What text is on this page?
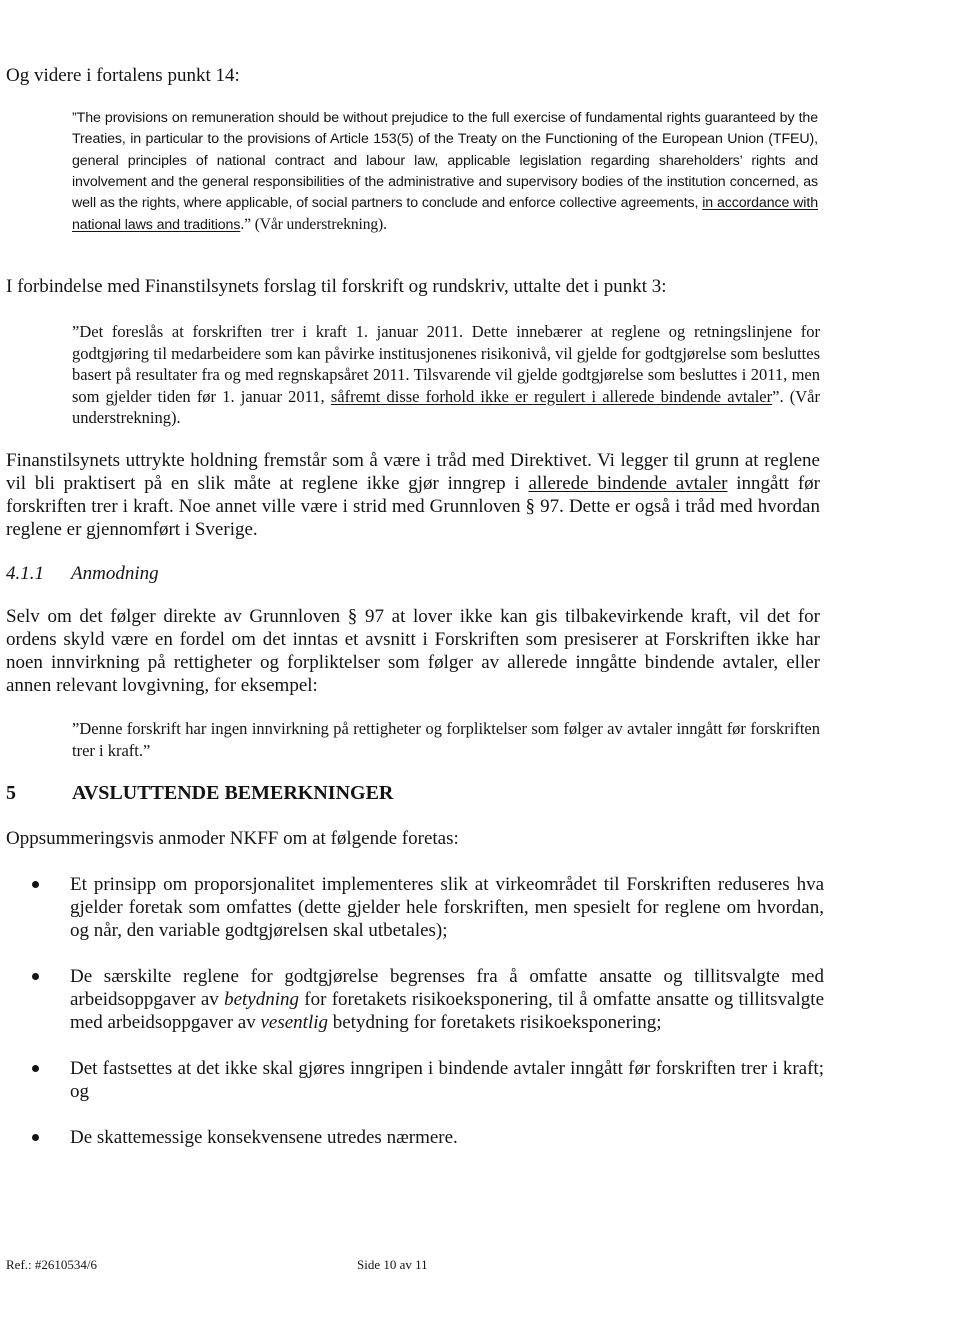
Og videre i fortalens punkt 14:

”The provisions on remuneration should be without prejudice to the full exercise of fundamental rights guaranteed by the Treaties, in particular to the provisions of Article 153(5) of the Treaty on the Functioning of the European Union (TFEU), general principles of national contract and labour law, applicable legislation regarding shareholders’ rights and involvement and the general responsibilities of the administrative and supervisory bodies of the institution concerned, as well as the rights, where applicable, of social partners to conclude and enforce collective agreements, in accordance with national laws and traditions.” (Vår understrekning).

I forbindelse med Finanstilsynets forslag til forskrift og rundskriv, uttalte det i punkt 3:

”Det foreslås at forskriften trer i kraft 1. januar 2011. Dette innebærer at reglene og retningslinjene for godtgjøring til medarbeidere som kan påvirke institusjonenes risikonivå, vil gjelde for godtgjørelse som besluttes basert på resultater fra og med regnskapsåret 2011. Tilsvarende vil gjelde godtgjørelse som besluttes i 2011, men som gjelder tiden før 1. januar 2011, såfremt disse forhold ikke er regulert i allerede bindende avtaler”. (Vår understrekning).

Finanstilsynets uttrykte holdning fremstår som å være i tråd med Direktivet. Vi legger til grunn at reglene vil bli praktisert på en slik måte at reglene ikke gjør inngrep i allerede bindende avtaler inngått før forskriften trer i kraft. Noe annet ville være i strid med Grunnloven § 97. Dette er også i tråd med hvordan reglene er gjennomført i Sverige.

4.1.1 Anmodning

Selv om det følger direkte av Grunnloven § 97 at lover ikke kan gis tilbakevirkende kraft, vil det for ordens skyld være en fordel om det inntas et avsnitt i Forskriften som presiserer at Forskriften ikke har noen innvirkning på rettigheter og forpliktelser som følger av allerede inngåtte bindende avtaler, eller annen relevant lovgivning, for eksempel:

”Denne forskrift har ingen innvirkning på rettigheter og forpliktelser som følger av avtaler inngått før forskriften trer i kraft.”

5	AVSLUTTENDE BEMERKNINGER

Oppsummeringsvis anmoder NKFF om at følgende foretas:

Et prinsipp om proporsjonalitet implementeres slik at virkeområdet til Forskriften reduseres hva gjelder foretak som omfattes (dette gjelder hele forskriften, men spesielt for reglene om hvordan, og når, den variable godtgjørelsen skal utbetales);
De særskilte reglene for godtgjørelse begrenses fra å omfatte ansatte og tillitsvalgte med arbeidsoppgaver av betydning for foretakets risikoeksponering, til å omfatte ansatte og tillitsvalgte med arbeidsoppgaver av vesentlig betydning for foretakets risikoeksponering;
Det fastsettes at det ikke skal gjøres inngripen i bindende avtaler inngått før forskriften trer i kraft; og
De skattemessige konsekvensene utredes nærmere.
Ref.: #2610534/6	Side 10 av 11
